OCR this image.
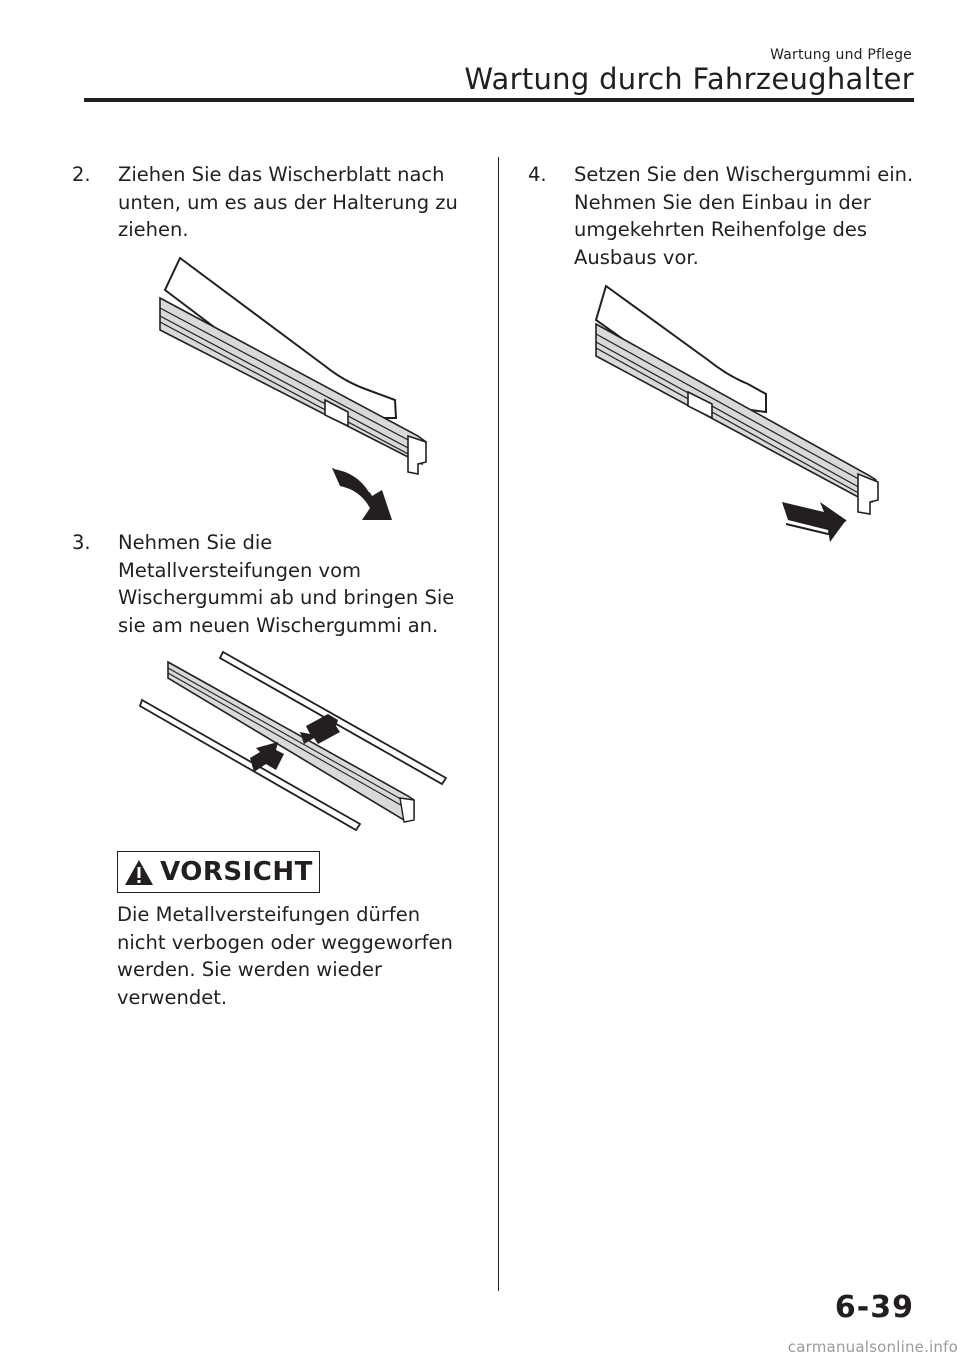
Wartung und Pflege
Wartung durch Fahrzeughalter
2.	Ziehen Sie das Wischerblatt nach
unten, um es aus der Halterung zu
ziehen.
3.	Nehmen Sie die
Metallversteifungen vom
Wischergummi ab und bringen Sie
sie am neuen Wischergummi an.
VORSICHT
Die Metallversteifungen dürfen
nicht verbogen oder weggeworfen
werden. Sie werden wieder
verwendet.
4.	Setzen Sie den Wischergummi ein.
Nehmen Sie den Einbau in der
umgekehrten Reihenfolge des
Ausbaus vor.
6-39
carmanualsonline.info
